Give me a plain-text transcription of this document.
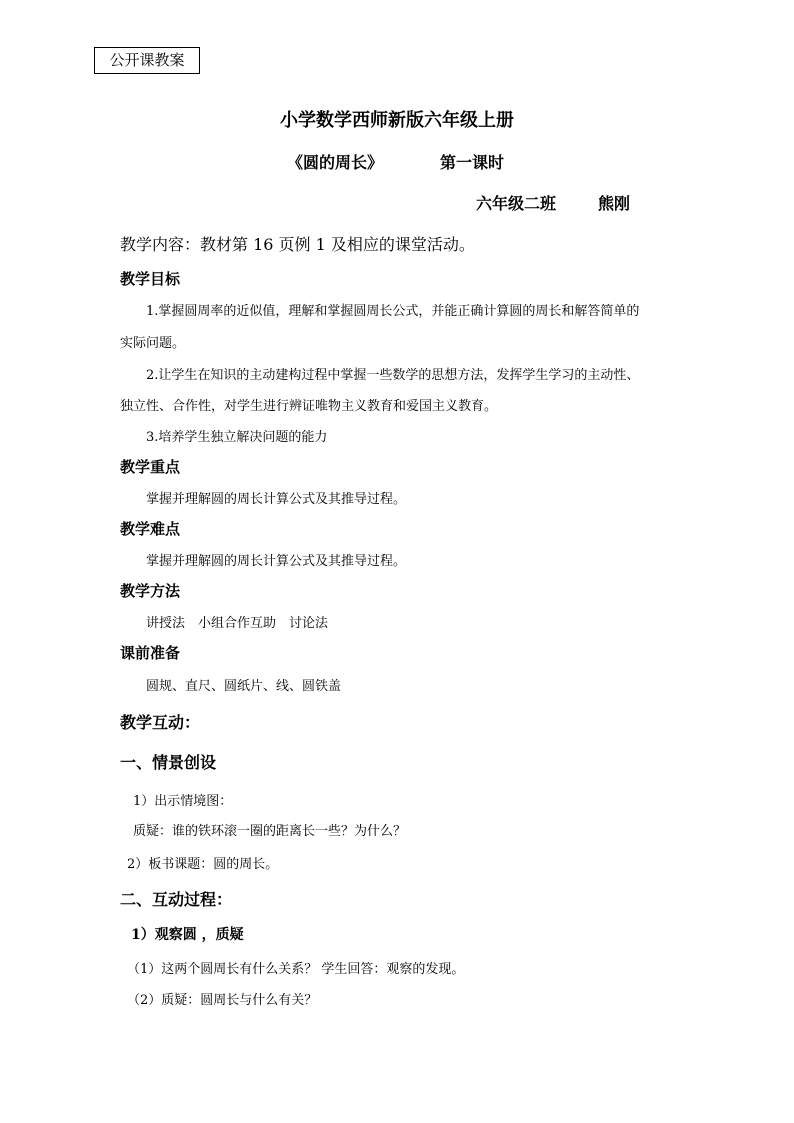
公开课教案
小学数学西师新版六年级上册
《圆的周长》	第一课时
六年级二班	熊刚
教学内容：教材第 16 页例 1 及相应的课堂活动。
教学目标
1.掌握圆周率的近似值，理解和掌握圆周长公式，并能正确计算圆的周长和解答简单的
实际问题。
2.让学生在知识的主动建构过程中掌握一些数学的思想方法，发挥学生学习的主动性、
独立性、合作性，对学生进行辨证唯物主义教育和爱国主义教育。
3.培养学生独立解决问题的能力
教学重点
掌握并理解圆的周长计算公式及其推导过程。
教学难点
掌握并理解圆的周长计算公式及其推导过程。
教学方法
讲授法　小组合作互助　讨论法
课前准备
圆规、直尺、圆纸片、线、圆铁盖
教学互动：
一、情景创设
1）出示情境图：
质疑：谁的铁环滚一圈的距离长一些？为什么？
2）板书课题：圆的周长。
二、互动过程：
1）观察圆 ，质疑
（1）这两个圆周长有什么关系？ 学生回答：观察的发现。
（2）质疑：圆周长与什么有关？
